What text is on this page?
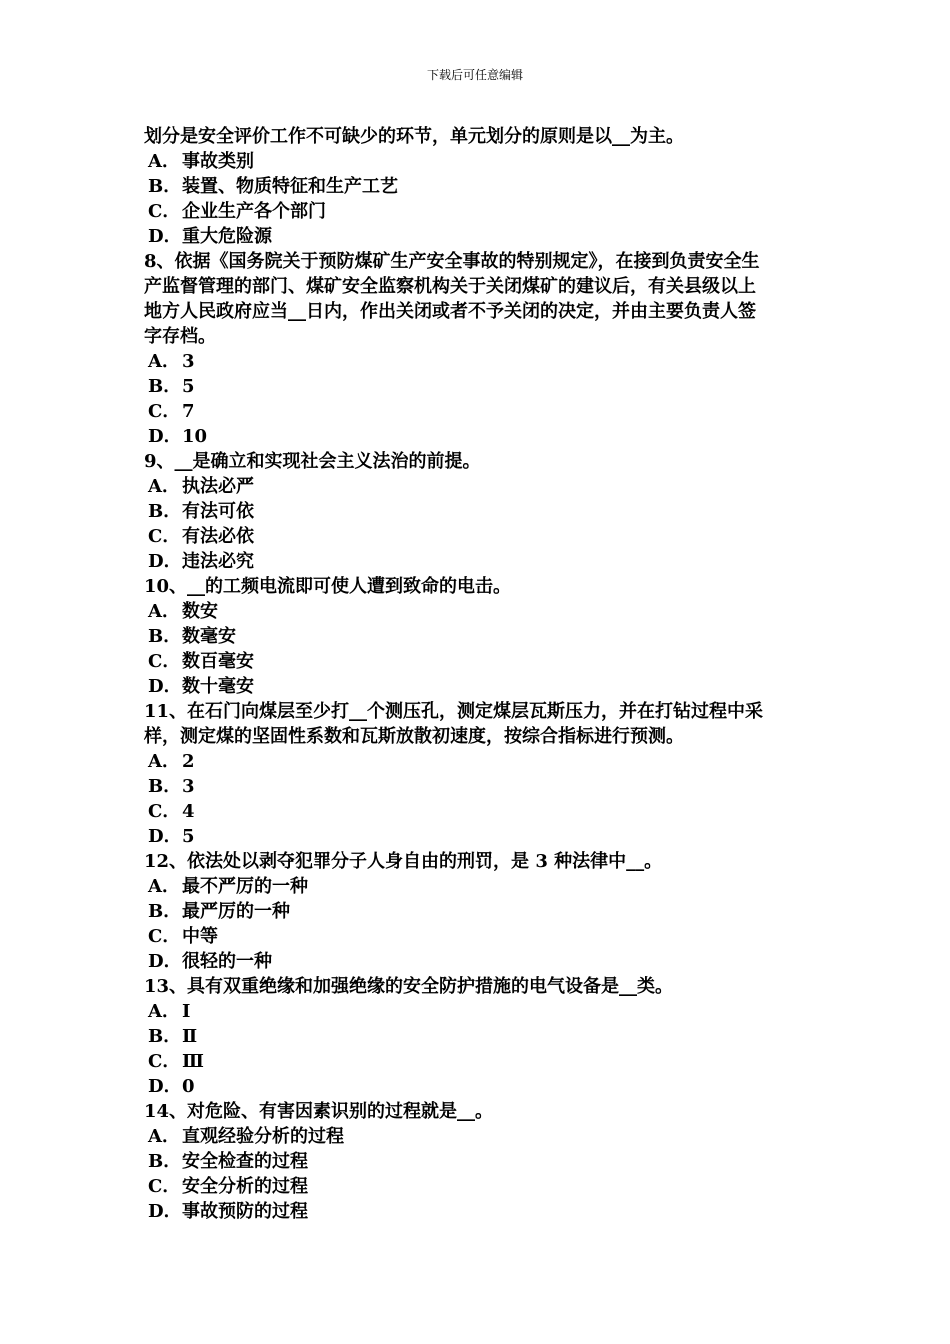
下载后可任意编辑
划分是安全评价工作不可缺少的环节，单元划分的原则是以__为主。
A． 事故类别
B．装置、物质特征和生产工艺
C．企业生产各个部门
D．重大危险源
8、依据《国务院关于预防煤矿生产安全事故的特别规定》，在接到负责安全生
产监督管理的部门、煤矿安全监察机构关于关闭煤矿的建议后，有关县级以上
地方人民政府应当__日内，作出关闭或者不予关闭的决定，并由主要负责人签
字存档。
A． 3
B．5
C．7
D．10
9、__是确立和实现社会主义法治的前提。
A． 执法必严
B．有法可依
C．有法必依
D．违法必究
10、__的工频电流即可使人遭到致命的电击。
A． 数安
B．数毫安
C．数百毫安
D．数十毫安
11、在石门向煤层至少打__个测压孔，测定煤层瓦斯压力，并在打钻过程中采
样，测定煤的坚固性系数和瓦斯放散初速度，按综合指标进行预测。
A． 2
B．3
C．4
D．5
12、依法处以剥夺犯罪分子人身自由的刑罚，是 3 种法律中__。
A． 最不严厉的一种
B．最严厉的一种
C．中等
D．很轻的一种
13、具有双重绝缘和加强绝缘的安全防护措施的电气设备是__类。
A． Ⅰ
B．Ⅱ
C．Ⅲ
D．0
14、对危险、有害因素识别的过程就是__。
A． 直观经验分析的过程
B．安全检查的过程
C．安全分析的过程
D．事故预防的过程
